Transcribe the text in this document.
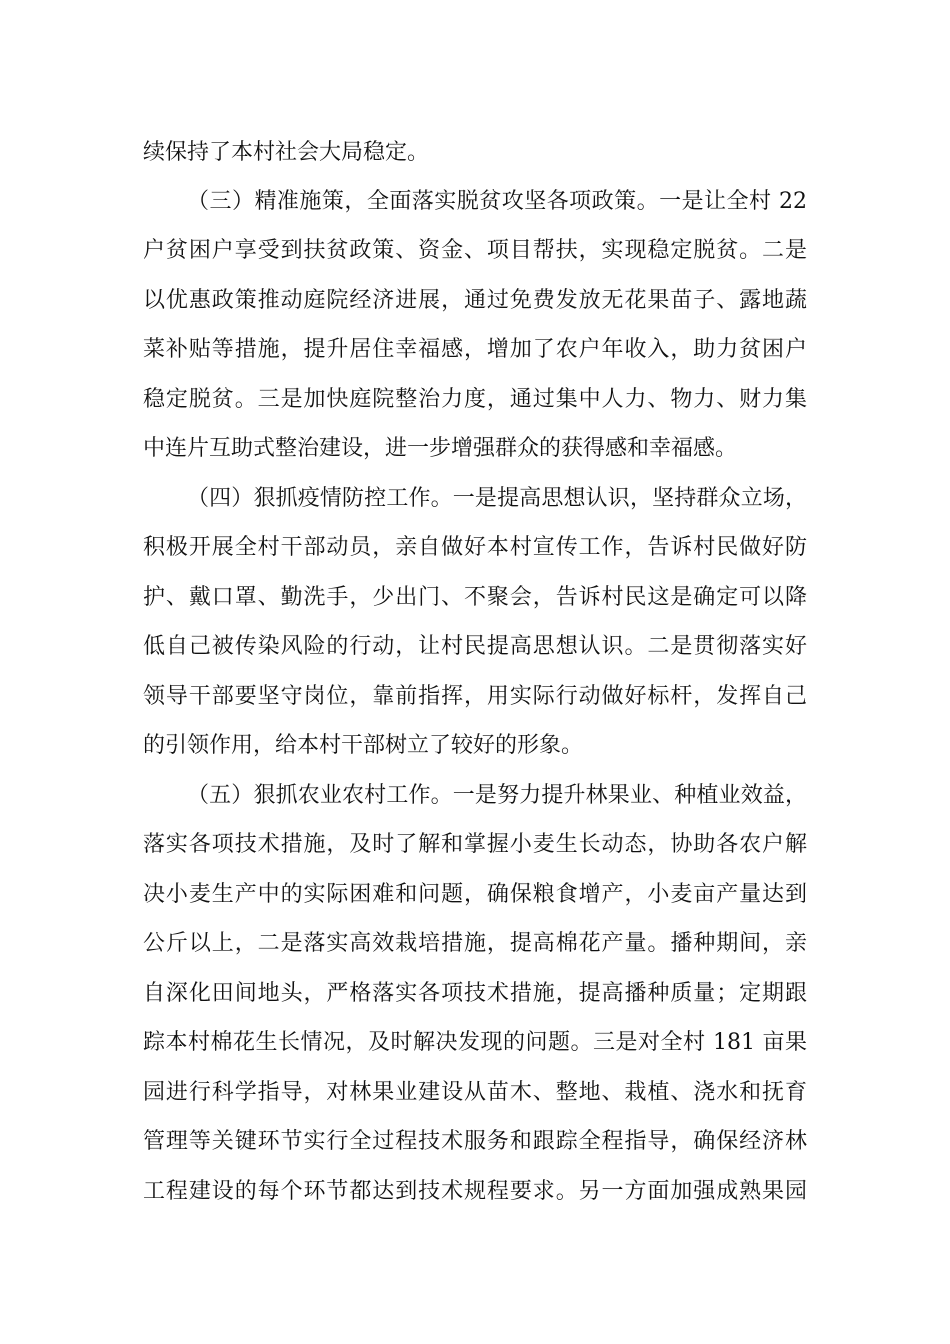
续保持了本村社会大局稳定。
（三）精准施策，全面落实脱贫攻坚各项政策。一是让全村 22
户贫困户享受到扶贫政策、资金、项目帮扶，实现稳定脱贫。二是
以优惠政策推动庭院经济进展，通过免费发放无花果苗子、露地蔬
菜补贴等措施，提升居住幸福感，增加了农户年收入，助力贫困户
稳定脱贫。三是加快庭院整治力度，通过集中人力、物力、财力集
中连片互助式整治建设，进一步增强群众的获得感和幸福感。
（四）狠抓疫情防控工作。一是提高思想认识，坚持群众立场，
积极开展全村干部动员，亲自做好本村宣传工作，告诉村民做好防
护、戴口罩、勤洗手，少出门、不聚会，告诉村民这是确定可以降
低自己被传染风险的行动，让村民提高思想认识。二是贯彻落实好
领导干部要坚守岗位，靠前指挥，用实际行动做好标杆，发挥自己
的引领作用，给本村干部树立了较好的形象。
（五）狠抓农业农村工作。一是努力提升林果业、种植业效益，
落实各项技术措施，及时了解和掌握小麦生长动态，协助各农户解
决小麦生产中的实际困难和问题，确保粮食增产，小麦亩产量达到
公斤以上，二是落实高效栽培措施，提高棉花产量。播种期间，亲
自深化田间地头，严格落实各项技术措施，提高播种质量；定期跟
踪本村棉花生长情况，及时解决发现的问题。三是对全村 181 亩果
园进行科学指导，对林果业建设从苗木、整地、栽植、浇水和抚育
管理等关键环节实行全过程技术服务和跟踪全程指导，确保经济林
工程建设的每个环节都达到技术规程要求。另一方面加强成熟果园
